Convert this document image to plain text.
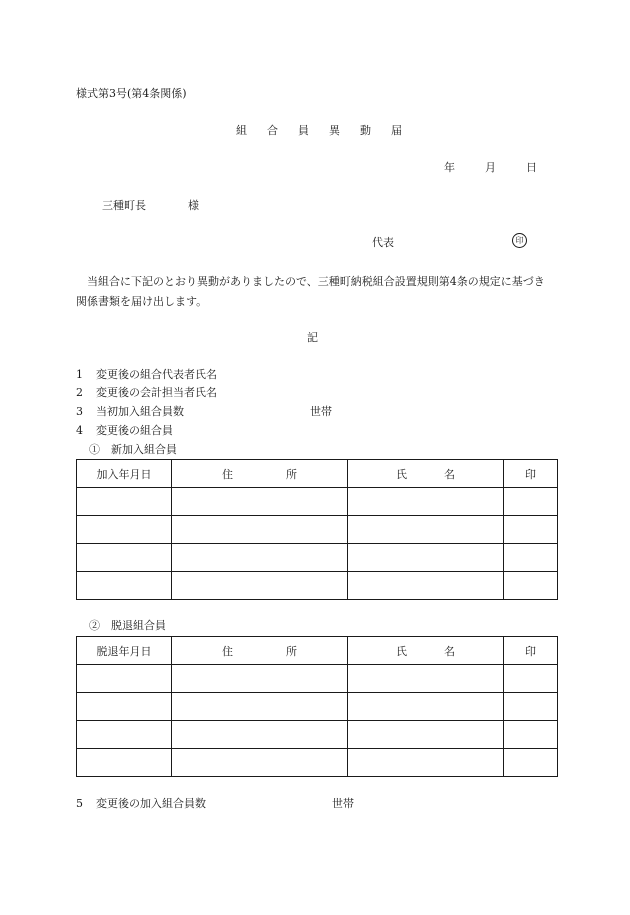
様式第3号(第4条関係)
組 合 員 異 動 届
年	月	日
三種町長	様
代表	印
当組合に下記のとおり異動がありましたので、三種町納税組合設置規則第4条の規定に基づき関係書類を届け出します。
記
1 変更後の組合代表者氏名
2 変更後の会計担当者氏名
3 当初加入組合員数	世帯
4 変更後の組合員
①　新加入組合員
加入年月日	住 所	氏 名	印

②　脱退組合員
脱退年月日	住 所	氏 名	印

5 変更後の加入組合員数	世帯
